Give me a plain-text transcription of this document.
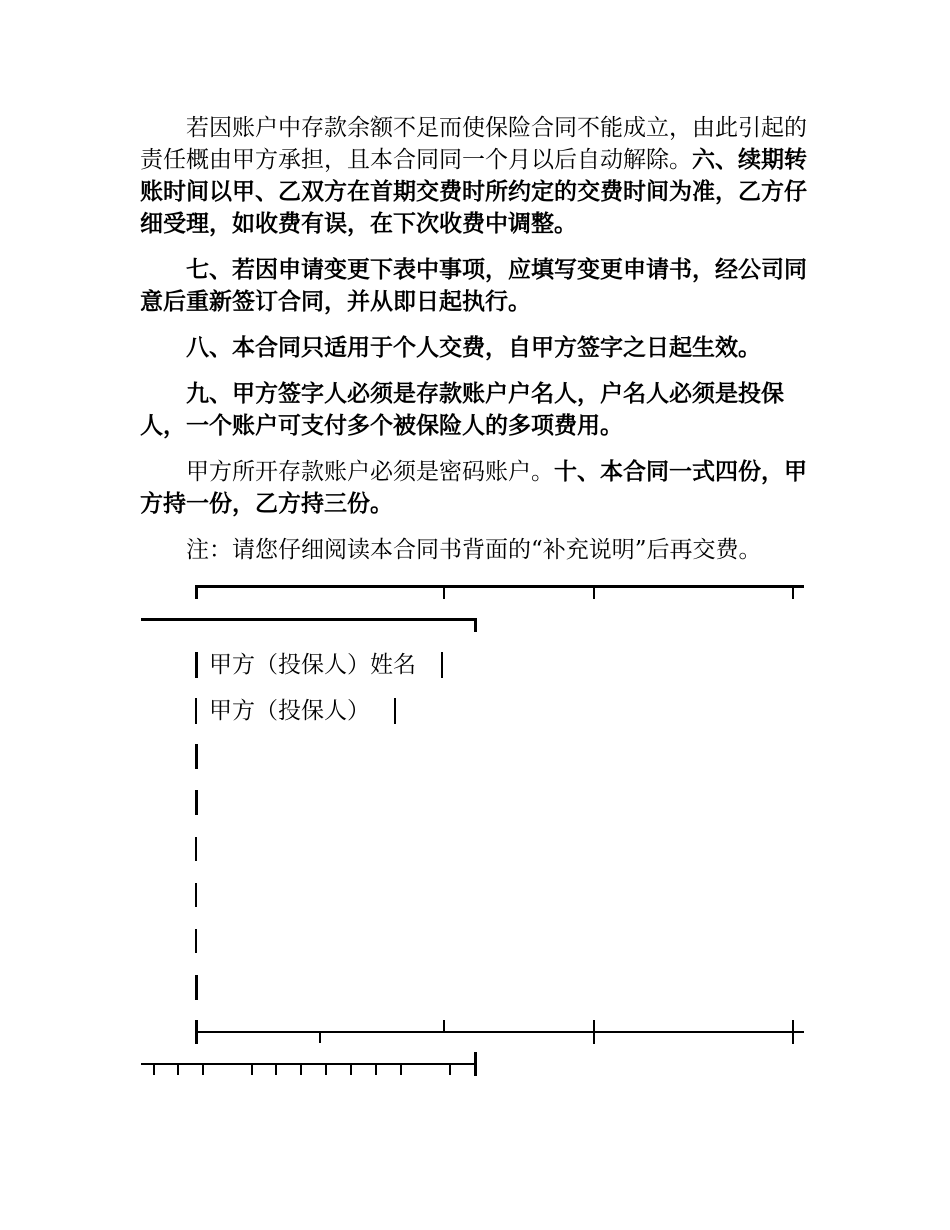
若因账户中存款余额不足而使保险合同不能成立，由此引起的责任概由甲方承担，且本合同同一个月以后自动解除。六、续期转账时间以甲、乙双方在首期交费时所约定的交费时间为准，乙方仔细受理，如收费有误，在下次收费中调整。

七、若因申请变更下表中事项，应填写变更申请书，经公司同意后重新签订合同，并从即日起执行。

八、本合同只适用于个人交费，自甲方签字之日起生效。

九、甲方签字人必须是存款账户户名人，户名人必须是投保人，一个账户可支付多个被保险人的多项费用。

甲方所开存款账户必须是密码账户。十、本合同一式四份，甲方持一份，乙方持三份。

注：请您仔细阅读本合同书背面的“补充说明”后再交费。

甲方（投保人）姓名
甲方（投保人）
